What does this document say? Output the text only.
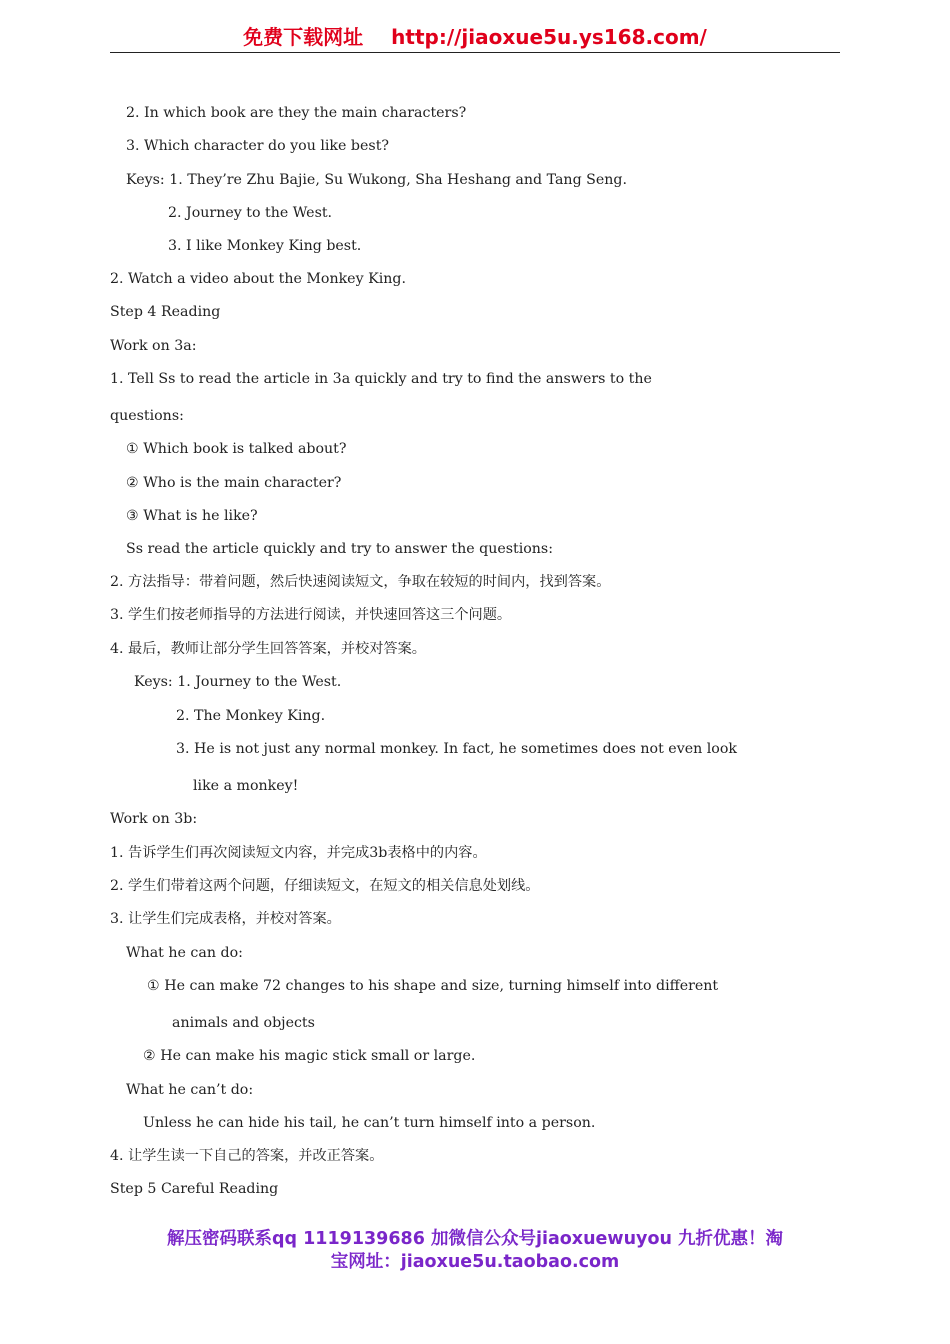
免费下载网址 http://jiaoxue5u.ys168.com/
2. In which book are they the main characters?
3. Which character do you like best?
Keys: 1. They’re Zhu Bajie, Su Wukong, Sha Heshang and Tang Seng.
2. Journey to the West.
3. I like Monkey King best.
2. Watch a video about the Monkey King.
Step 4 Reading
Work on 3a:
1. Tell Ss to read the article in 3a quickly and try to find the answers to the
questions:
① Which book is talked about?
② Who is the main character?
③ What is he like?
Ss read the article quickly and try to answer the questions:
2. 方法指导：带着问题，然后快速阅读短文，争取在较短的时间内，找到答案。
3. 学生们按老师指导的方法进行阅读，并快速回答这三个问题。
4. 最后，教师让部分学生回答答案，并校对答案。
Keys: 1. Journey to the West.
2. The Monkey King.
3. He is not just any normal monkey. In fact, he sometimes does not even look
like a monkey!
Work on 3b:
1. 告诉学生们再次阅读短文内容，并完成3b表格中的内容。
2. 学生们带着这两个问题，仔细读短文，在短文的相关信息处划线。
3. 让学生们完成表格，并校对答案。
What he can do:
① He can make 72 changes to his shape and size, turning himself into different
animals and objects
② He can make his magic stick small or large.
What he can’t do:
Unless he can hide his tail, he can’t turn himself into a person.
4. 让学生读一下自己的答案，并改正答案。
Step 5 Careful Reading
解压密码联系qq 1119139686 加微信公众号jiaoxuewuyou 九折优惠！淘
宝网址：jiaoxue5u.taobao.com
